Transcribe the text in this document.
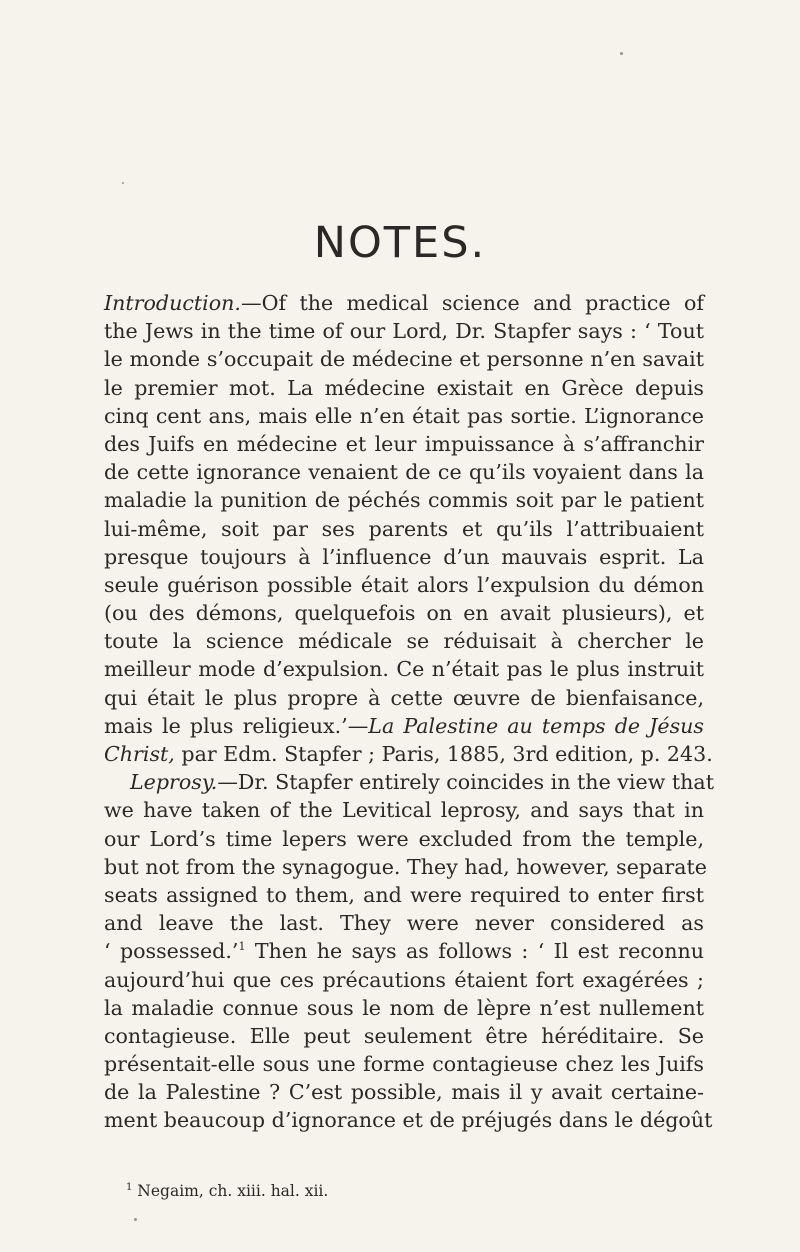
NOTES.
Introduction.—Of the medical science and practice of
the Jews in the time of our Lord, Dr. Stapfer says : ‘ Tout
le monde s’occupait de médecine et personne n’en savait
le premier mot. La médecine existait en Grèce depuis
cinq cent ans, mais elle n’en était pas sortie. L’ignorance
des Juifs en médecine et leur impuissance à s’affranchir
de cette ignorance venaient de ce qu’ils voyaient dans la
maladie la punition de péchés commis soit par le patient
lui-même, soit par ses parents et qu’ils l’attribuaient
presque toujours à l’influence d’un mauvais esprit. La
seule guérison possible était alors l’expulsion du démon
(ou des démons, quelquefois on en avait plusieurs), et
toute la science médicale se réduisait à chercher le
meilleur mode d’expulsion. Ce n’était pas le plus instruit
qui était le plus propre à cette œuvre de bienfaisance,
mais le plus religieux.’—La Palestine au temps de Jésus
Christ, par Edm. Stapfer ; Paris, 1885, 3rd edition, p. 243.
Leprosy.—Dr. Stapfer entirely coincides in the view that
we have taken of the Levitical leprosy, and says that in
our Lord’s time lepers were excluded from the temple,
but not from the synagogue. They had, however, separate
seats assigned to them, and were required to enter first
and leave the last. They were never considered as
‘ possessed.’$^1$ Then he says as follows : ‘ Il est reconnu
aujourd’hui que ces précautions étaient fort exagérées ;
la maladie connue sous le nom de lèpre n’est nullement
contagieuse. Elle peut seulement être héréditaire. Se
présentait-elle sous une forme contagieuse chez les Juifs
de la Palestine ? C’est possible, mais il y avait certaine-
ment beaucoup d’ignorance et de préjugés dans le dégoût
$^1$ Negaim, ch. xiii. hal. xii.
